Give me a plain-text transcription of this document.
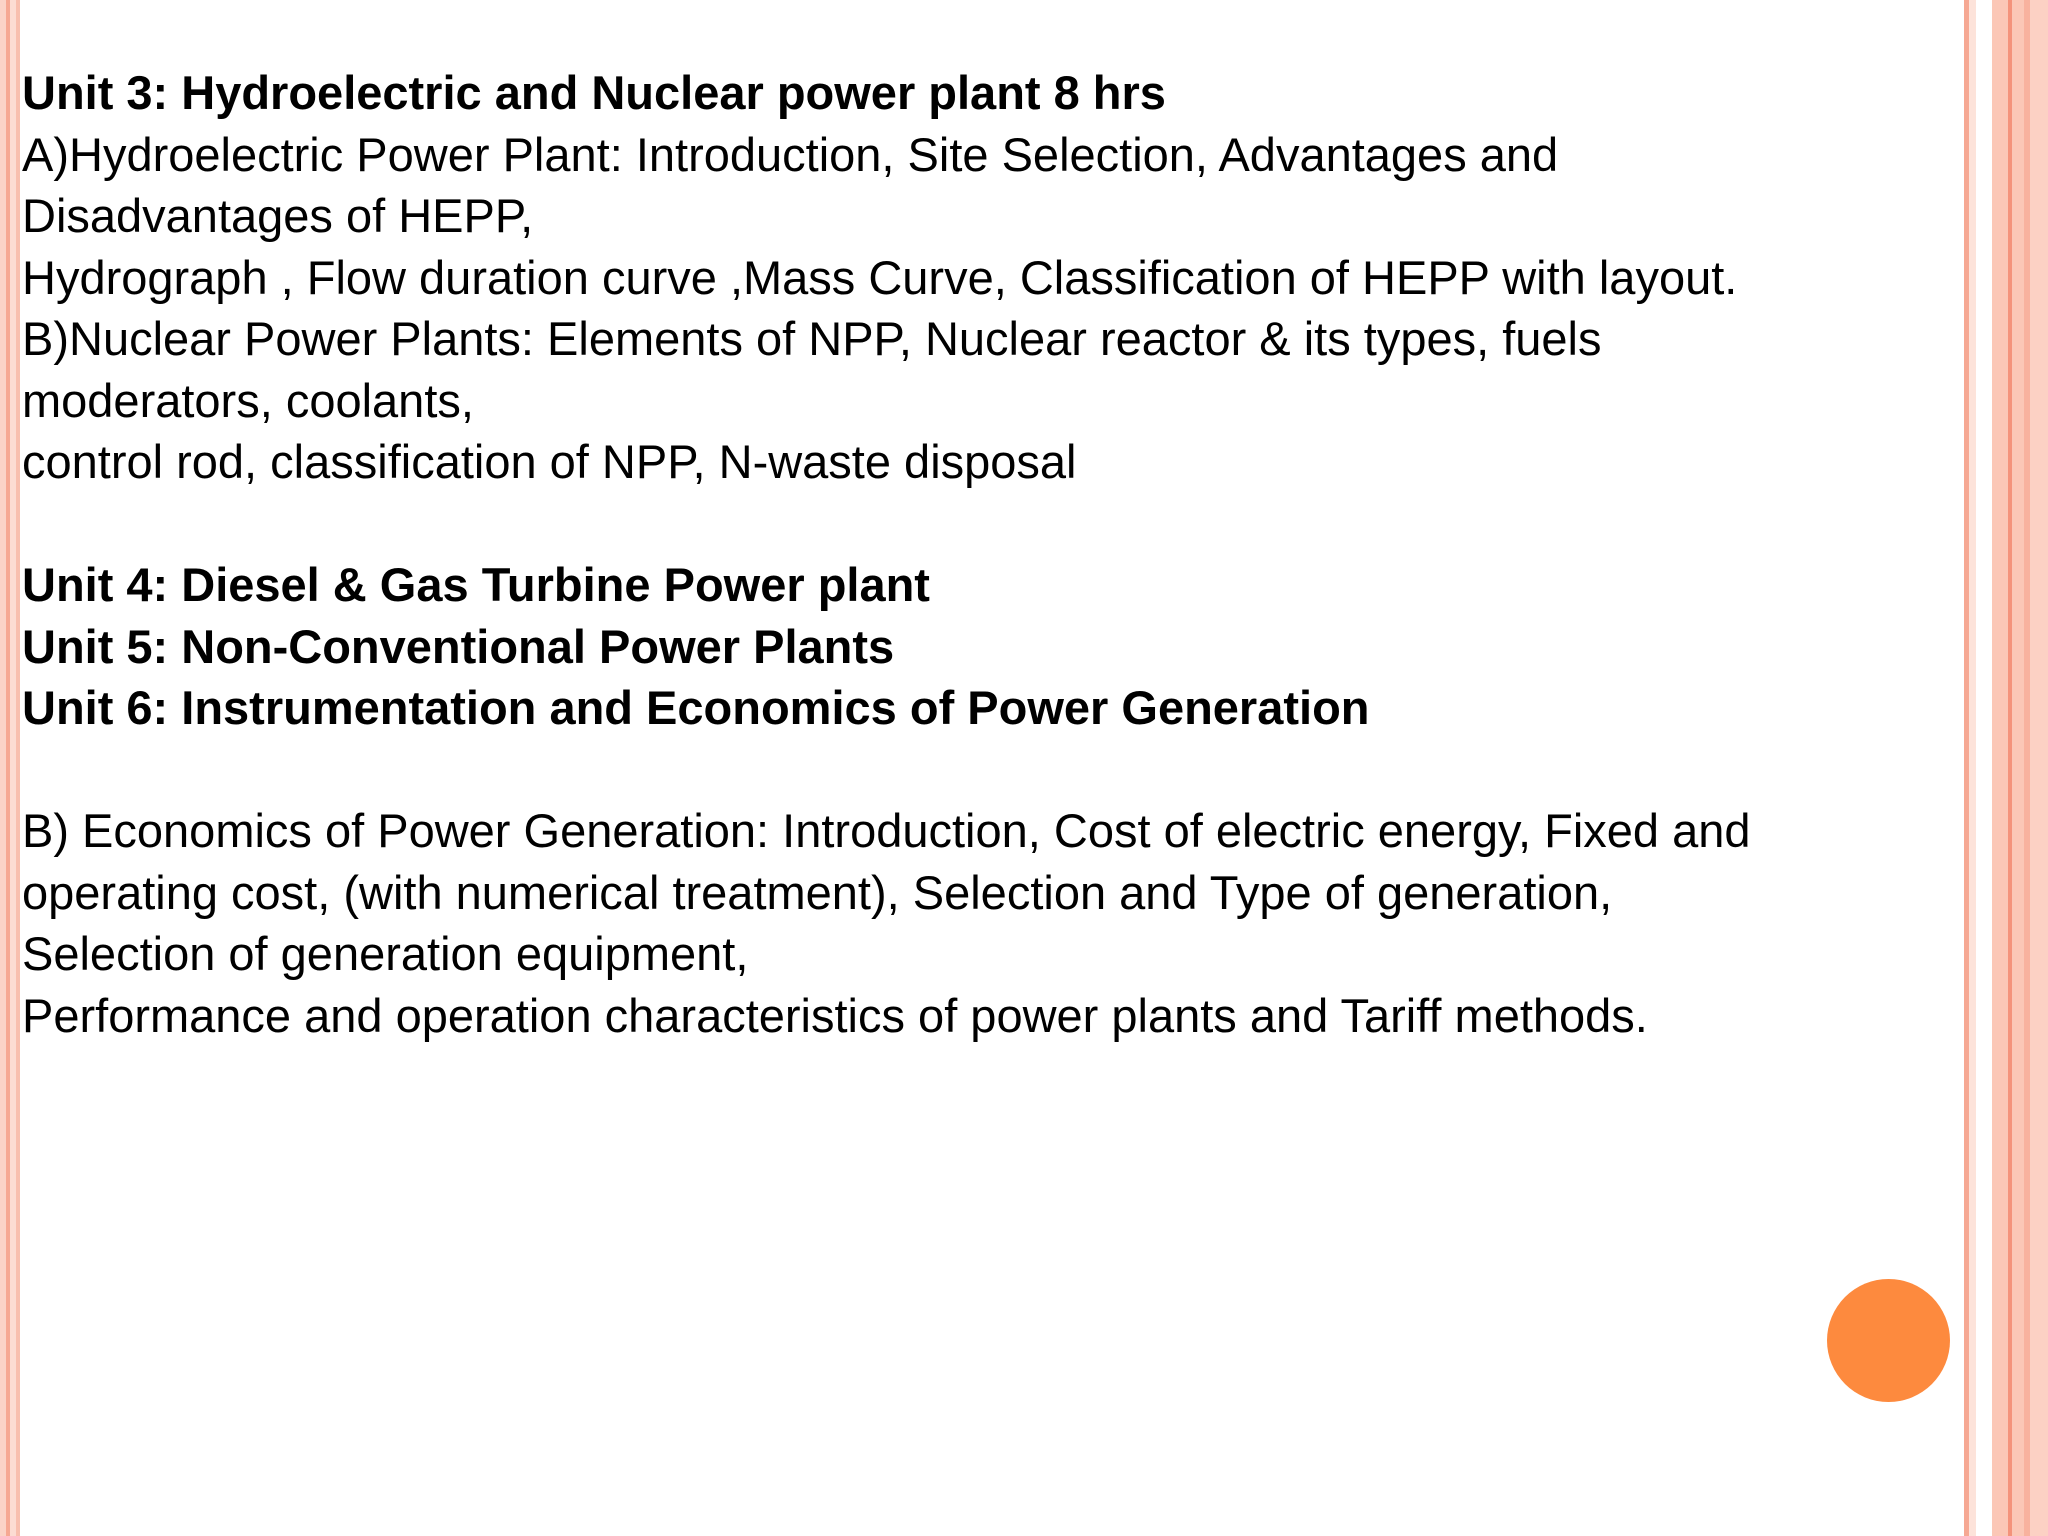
Unit 3: Hydroelectric and Nuclear power plant 8 hrs
A)Hydroelectric Power Plant: Introduction, Site Selection, Advantages and
Disadvantages of HEPP,
Hydrograph , Flow duration curve ,Mass Curve, Classification of HEPP with layout.
B)Nuclear Power Plants: Elements of NPP, Nuclear reactor & its types, fuels
moderators, coolants,
control rod, classification of NPP, N-waste disposal
Unit 4: Diesel & Gas Turbine Power plant
Unit 5: Non-Conventional Power Plants
Unit 6: Instrumentation and Economics of Power Generation
B) Economics of Power Generation: Introduction, Cost of electric energy, Fixed and
operating cost, (with numerical treatment), Selection and Type of generation,
Selection of generation equipment,
Performance and operation characteristics of power plants and Tariff methods.
